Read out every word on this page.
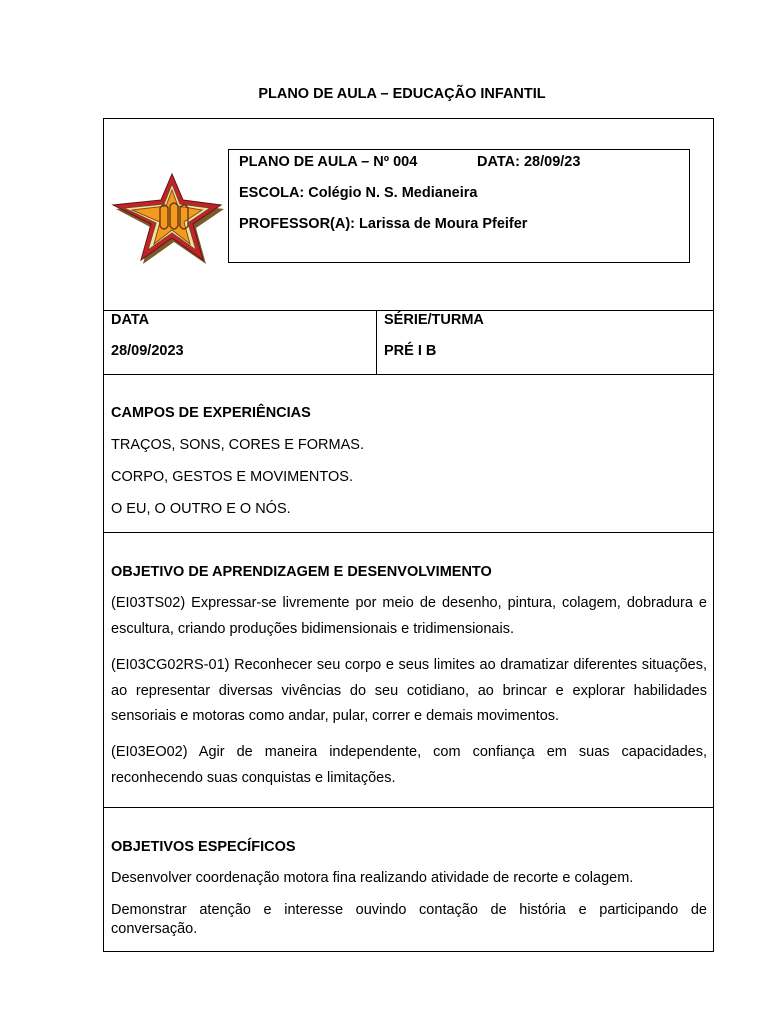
PLANO DE AULA – EDUCAÇÃO INFANTIL
PLANO DE AULA – Nº 004	DATA: 28/09/23
ESCOLA: Colégio N. S. Medianeira
PROFESSOR(A): Larissa de Moura Pfeifer
DATA
28/09/2023
SÉRIE/TURMA
PRÉ I B
CAMPOS DE EXPERIÊNCIAS
TRAÇOS, SONS, CORES E FORMAS.
CORPO, GESTOS E MOVIMENTOS.
O EU, O OUTRO E O NÓS.
OBJETIVO DE APRENDIZAGEM E DESENVOLVIMENTO
(EI03TS02) Expressar-se livremente por meio de desenho, pintura, colagem, dobradura e escultura, criando produções bidimensionais e tridimensionais.
(EI03CG02RS-01) Reconhecer seu corpo e seus limites ao dramatizar diferentes situações, ao representar diversas vivências do seu cotidiano, ao brincar e explorar habilidades sensoriais e motoras como andar, pular, correr e demais movimentos.
(EI03EO02) Agir de maneira independente, com confiança em suas capacidades, reconhecendo suas conquistas e limitações.
OBJETIVOS ESPECÍFICOS
Desenvolver coordenação motora fina realizando atividade de recorte e colagem.
Demonstrar atenção e interesse ouvindo contação de história e participando de conversação.
